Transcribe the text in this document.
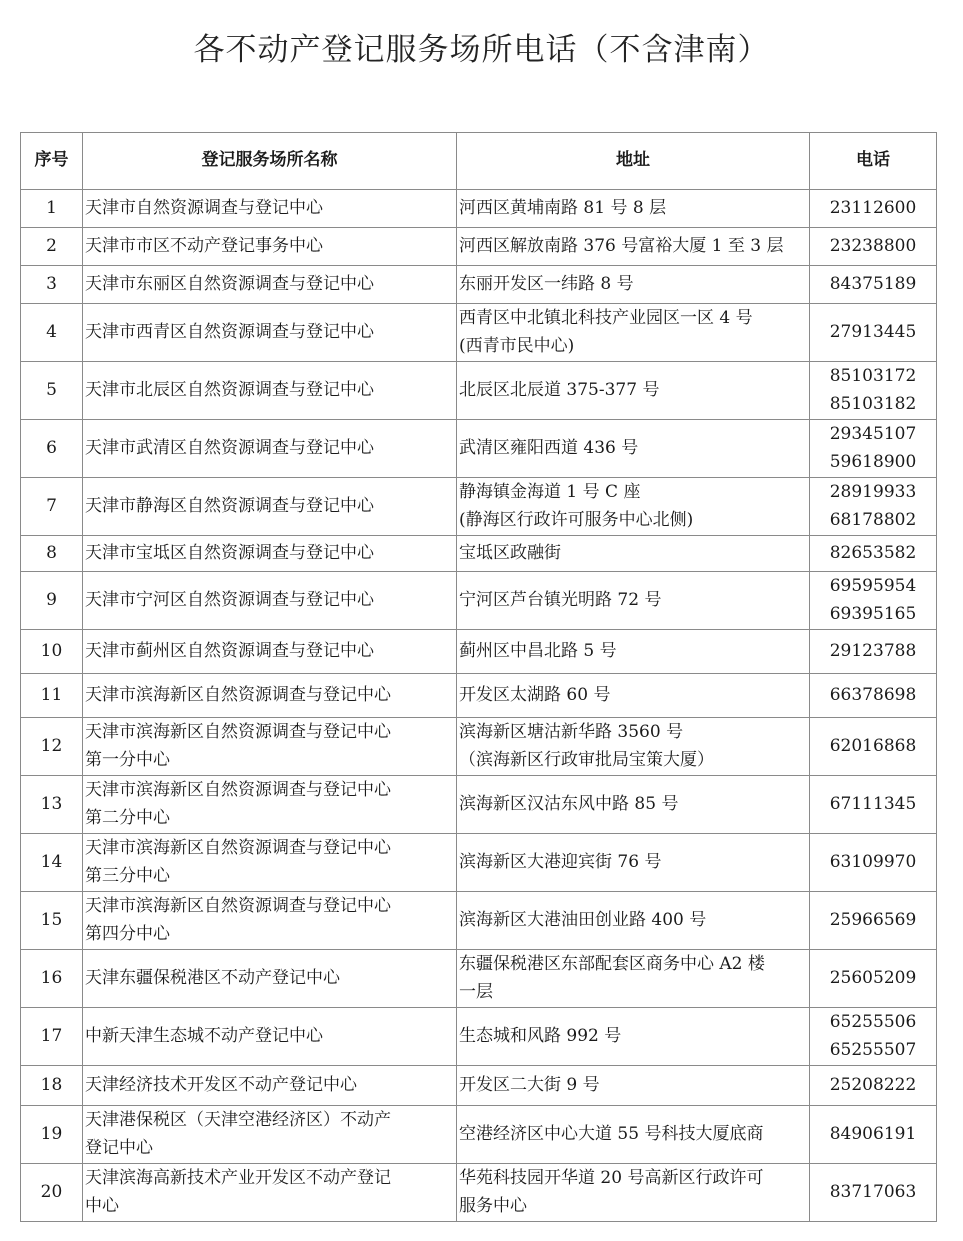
各不动产登记服务场所电话（不含津南）
序号	登记服务场所名称	地址	电话
1	天津市自然资源调查与登记中心	河西区黄埔南路 81 号 8 层	23112600

2	天津市市区不动产登记事务中心	河西区解放南路 376 号富裕大厦 1 至 3 层	23238800

3	天津市东丽区自然资源调查与登记中心	东丽开发区一纬路 8 号	84375189

4	天津市西青区自然资源调查与登记中心	西青区中北镇北科技产业园区一区 4 号
(西青市民中心)	27913445

5	天津市北辰区自然资源调查与登记中心	北辰区北辰道 375-377 号	85103172
85103182

6	天津市武清区自然资源调查与登记中心	武清区雍阳西道 436 号	29345107
59618900

7	天津市静海区自然资源调查与登记中心	静海镇金海道 1 号 C 座
(静海区行政许可服务中心北侧)	28919933
68178802

8	天津市宝坻区自然资源调查与登记中心	宝坻区政融街	82653582

9	天津市宁河区自然资源调查与登记中心	宁河区芦台镇光明路 72 号	69595954
69395165

10	天津市蓟州区自然资源调查与登记中心	蓟州区中昌北路 5 号	29123788

11	天津市滨海新区自然资源调查与登记中心	开发区太湖路 60 号	66378698

12	天津市滨海新区自然资源调查与登记中心
第一分中心	滨海新区塘沽新华路 3560 号
（滨海新区行政审批局宝策大厦）	62016868

13	天津市滨海新区自然资源调查与登记中心
第二分中心	滨海新区汉沽东风中路 85 号	67111345

14	天津市滨海新区自然资源调查与登记中心
第三分中心	滨海新区大港迎宾街 76 号	63109970

15	天津市滨海新区自然资源调查与登记中心
第四分中心	滨海新区大港油田创业路 400 号	25966569

16	天津东疆保税港区不动产登记中心	东疆保税港区东部配套区商务中心 A2 楼
一层	25605209

17	中新天津生态城不动产登记中心	生态城和风路 992 号	65255506
65255507

18	天津经济技术开发区不动产登记中心	开发区二大街 9 号	25208222

19	天津港保税区（天津空港经济区）不动产
登记中心	空港经济区中心大道 55 号科技大厦底商	84906191

20	天津滨海高新技术产业开发区不动产登记
中心	华苑科技园开华道 20 号高新区行政许可
服务中心	83717063
